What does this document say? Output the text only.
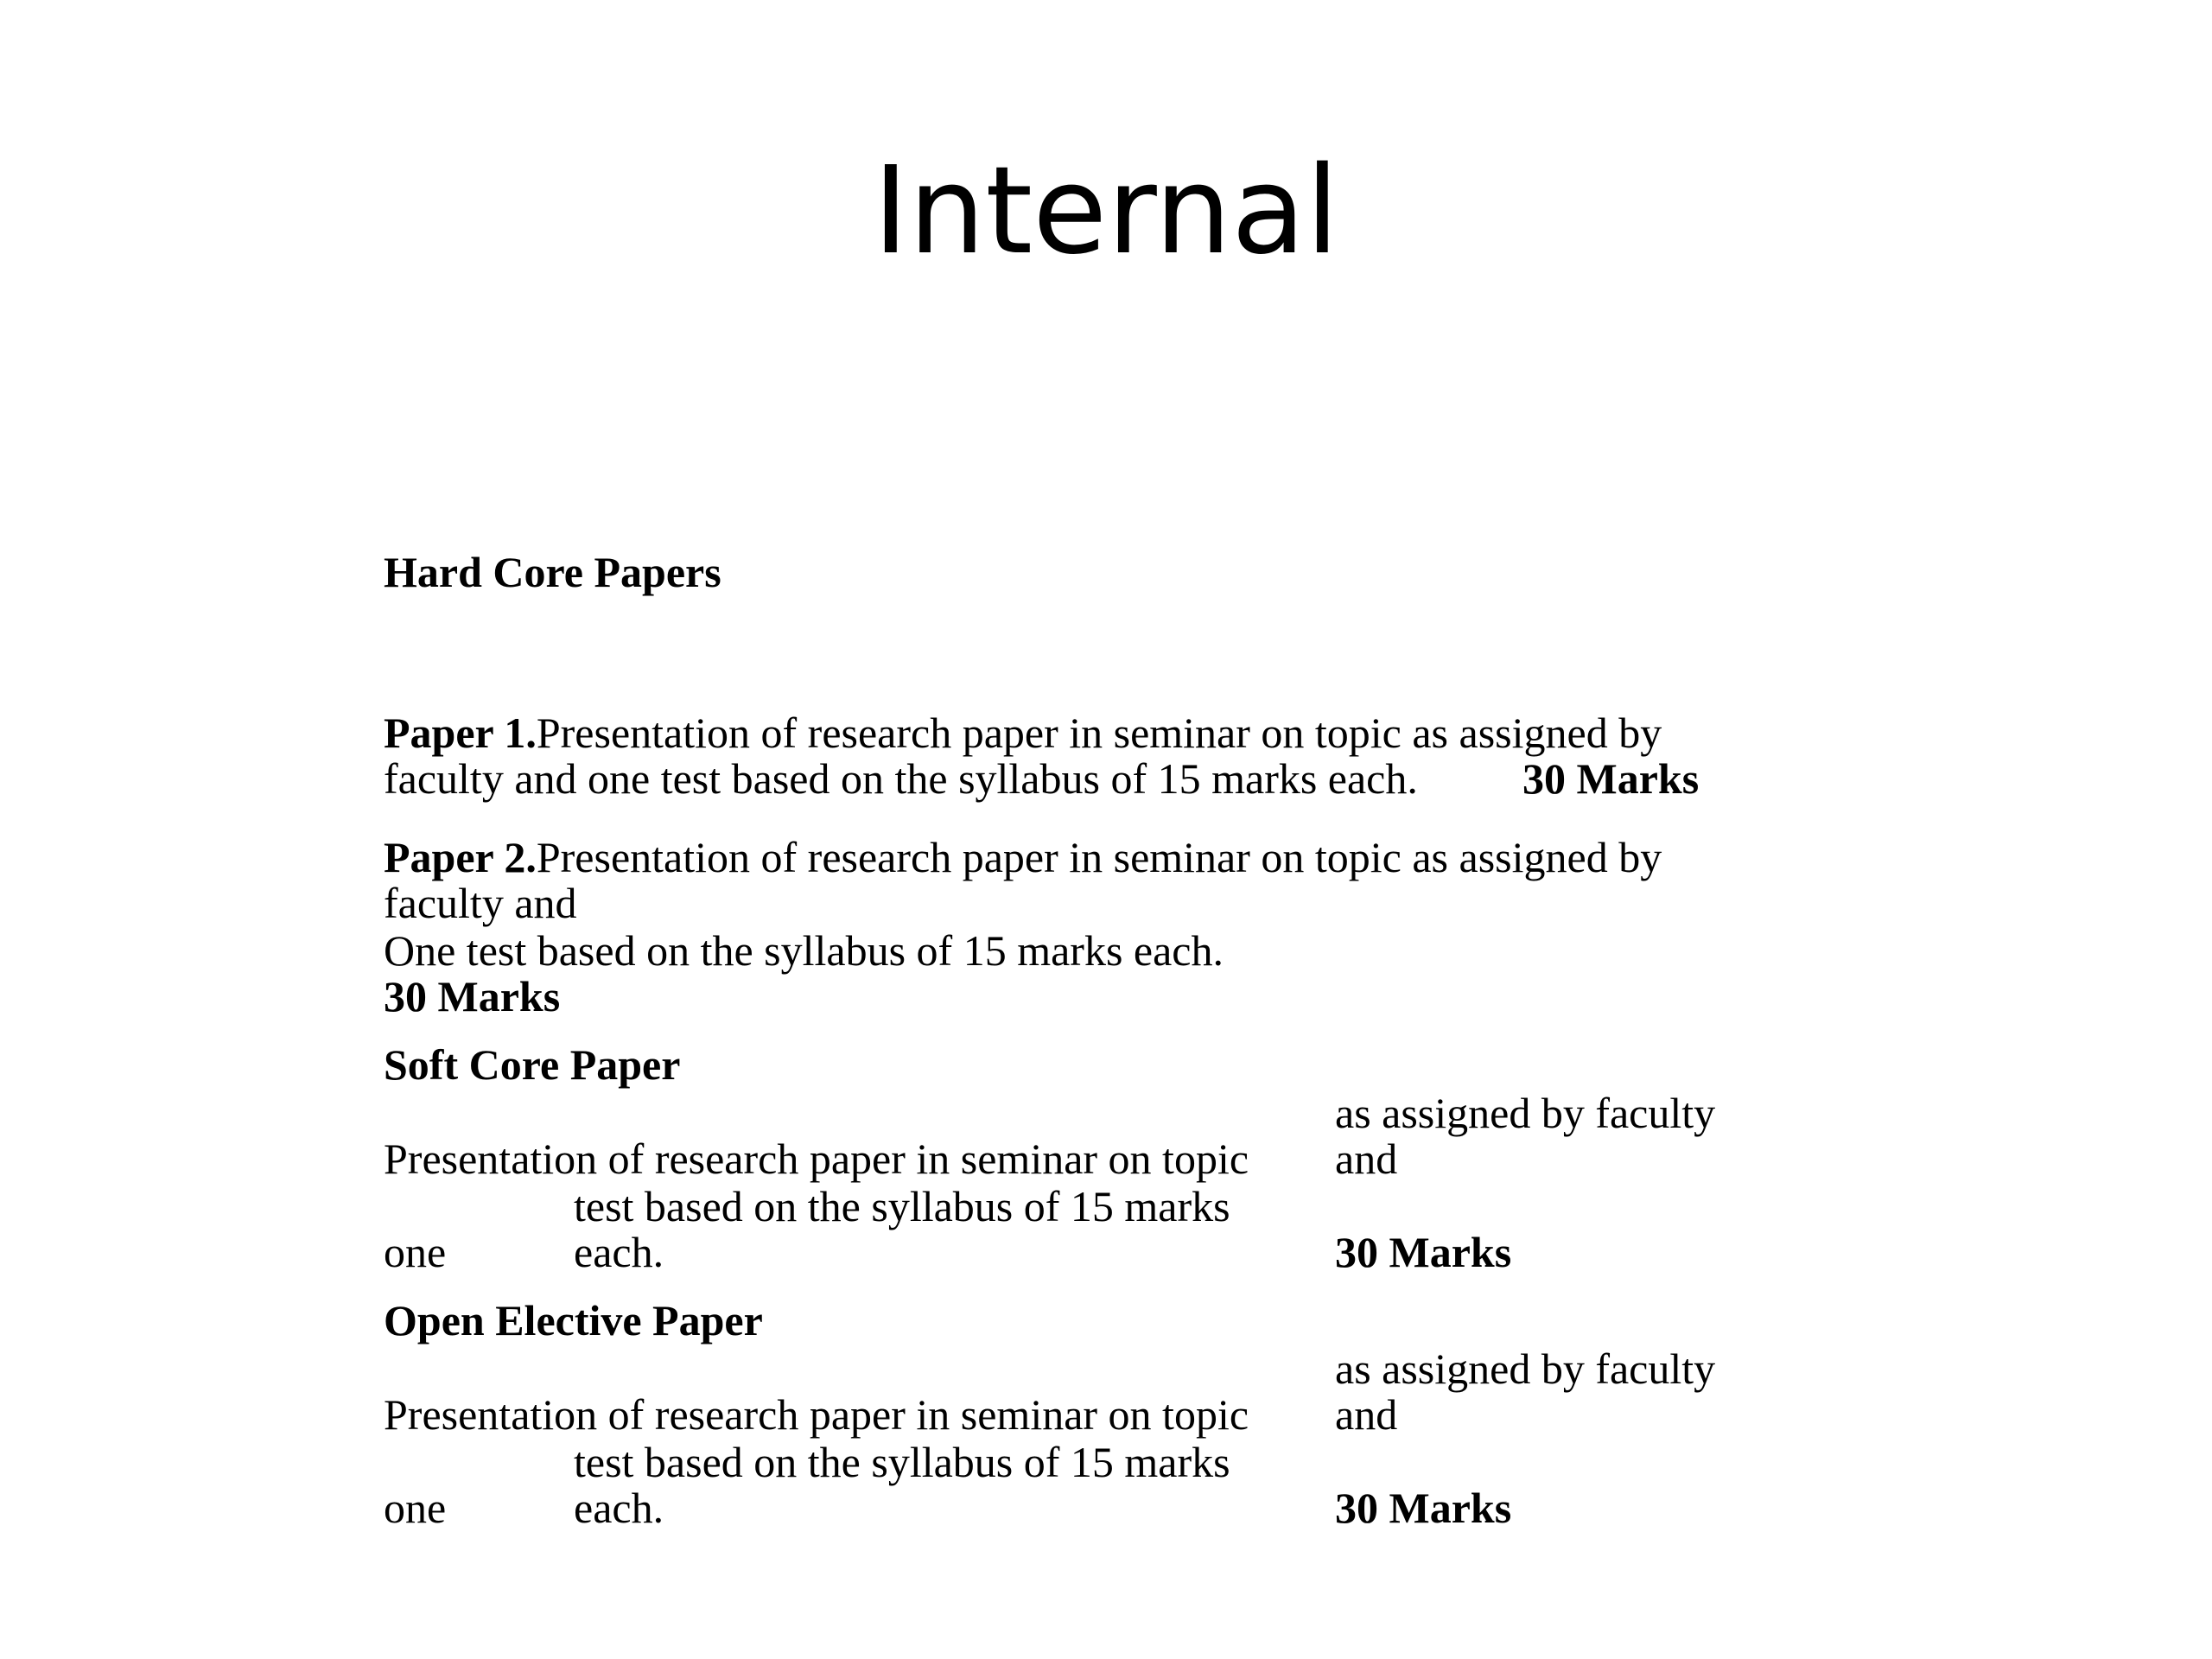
Internal
Hard Core Papers
Paper 1.Presentation of research paper in seminar on topic as assigned by
faculty and one test based on the syllabus of 15 marks each. 30 Marks
Paper 2.Presentation of research paper in seminar on topic as assigned by
faculty and
One test based on the syllabus of 15 marks each.
30 Marks
Soft Core Paper
as assigned by faculty
Presentation of research paper in seminar on topic and
test based on the syllabus of 15 marks
one	each.	30 Marks
Open Elective Paper
as assigned by faculty
Presentation of research paper in seminar on topic and
test based on the syllabus of 15 marks
one	each.	30 Marks
